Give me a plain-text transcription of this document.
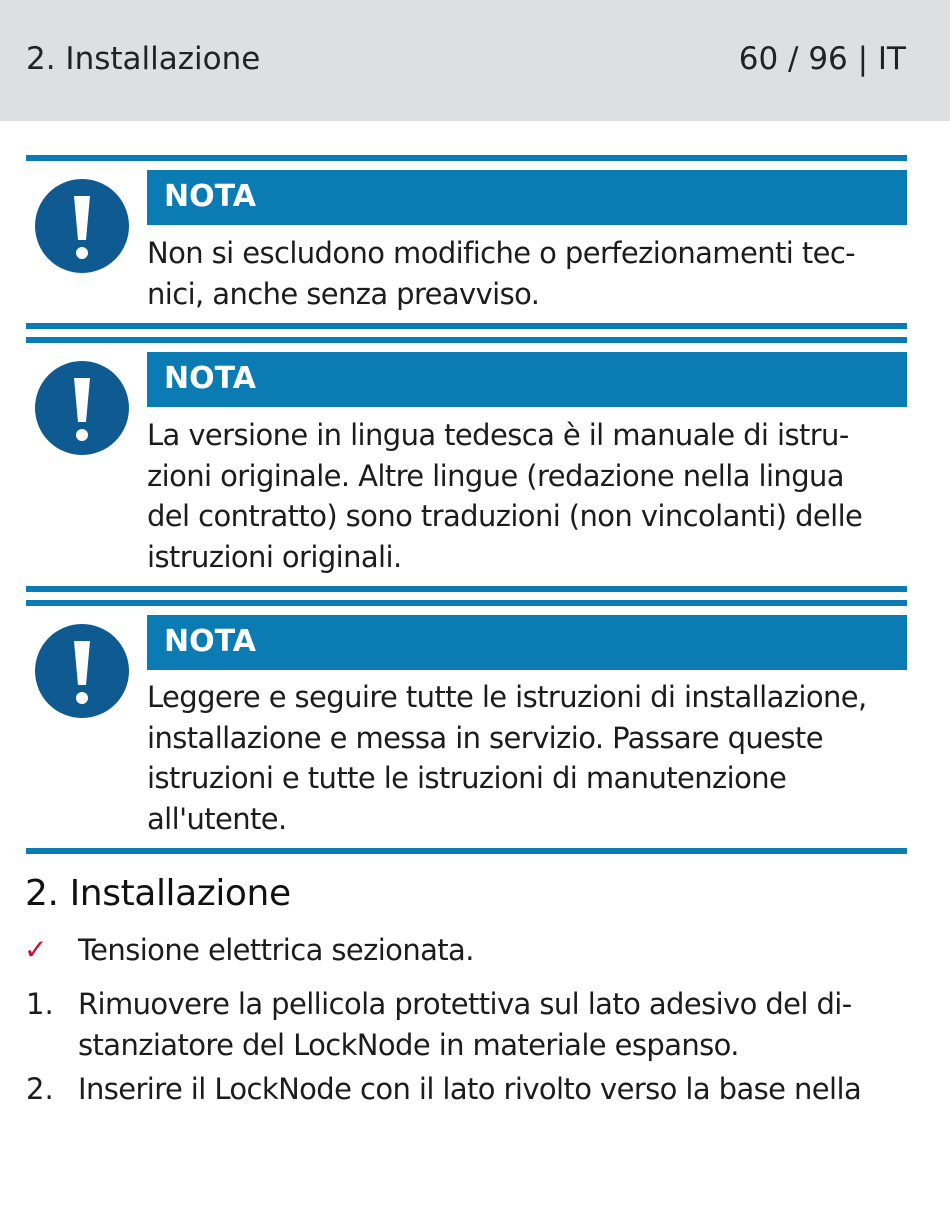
2. Installazione	60 / 96 | IT
NOTA
Non si escludono modifiche o perfezionamenti tec-
nici, anche senza preavviso.
NOTA
La versione in lingua tedesca è il manuale di istru-
zioni originale. Altre lingue (redazione nella lingua
del contratto) sono traduzioni (non vincolanti) delle
istruzioni originali.
NOTA
Leggere e seguire tutte le istruzioni di installazione,
installazione e messa in servizio. Passare queste
istruzioni e tutte le istruzioni di manutenzione
all'utente.
2. Installazione
✓ Tensione elettrica sezionata.
1. Rimuovere la pellicola protettiva sul lato adesivo del di-
stanziatore del LockNode in materiale espanso.
2. Inserire il LockNode con il lato rivolto verso la base nella
